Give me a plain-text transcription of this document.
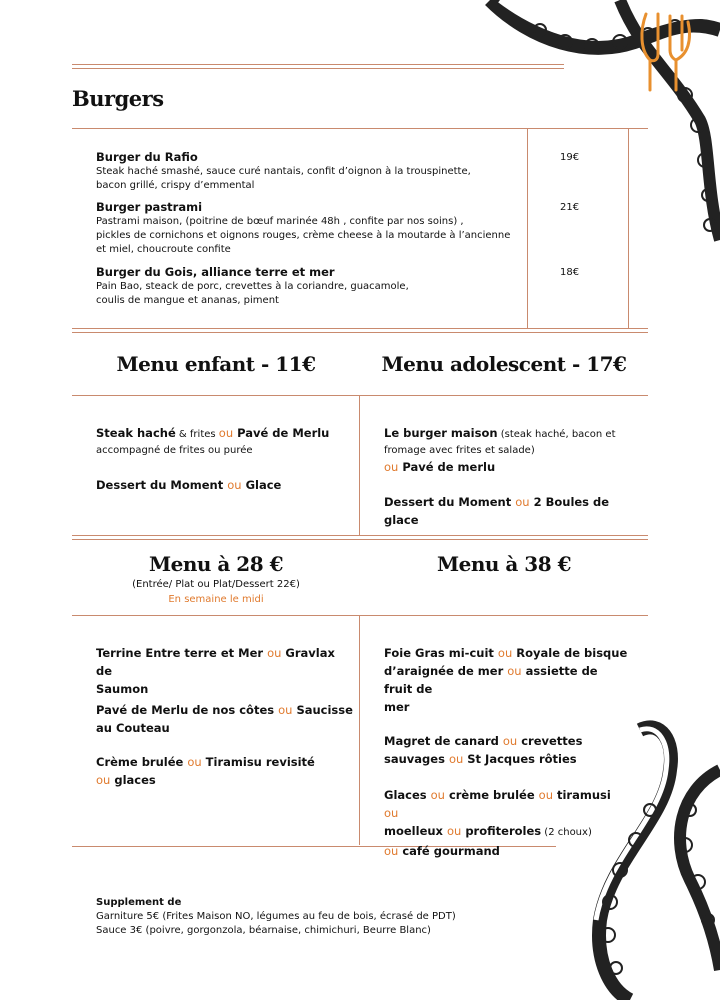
Burgers
Burger du Rafio
Steak haché smashé, sauce curé nantais, confit d’oignon à la trouspinette,
bacon grillé, crispy d’emmental
19€
Burger pastrami
Pastrami maison, (poitrine de bœuf marinée 48h , confite par nos soins) ,
pickles de cornichons et oignons rouges, crème cheese à la moutarde à l’ancienne
et miel, choucroute confite
21€
Burger du Gois, alliance terre et mer
Pain Bao, steack de porc, crevettes à la coriandre, guacamole,
coulis de mangue et ananas, piment
18€
Menu enfant - 11€	Menu adolescent - 17€
Steak haché & frites ou Pavé de Merlu
accompagné de frites ou purée
Dessert du Moment ou Glace
Le burger maison (steak haché, bacon et
fromage avec frites et salade)
ou Pavé de merlu
Dessert du Moment ou 2 Boules de glace
Menu à 28 €
(Entrée/ Plat ou Plat/Dessert 22€)
En semaine le midi
Menu à 38 €
Terrine Entre terre et Mer ou Gravlax de
Saumon
Pavé de Merlu de nos côtes ou Saucisse
au Couteau
Crème brulée ou Tiramisu revisité
ou glaces
Foie Gras mi-cuit ou Royale de bisque
d’araignée de mer ou assiette de fruit de
mer
Magret de canard ou crevettes
sauvages ou St Jacques rôties
Glaces ou crème brulée ou tiramusi ou
moelleux ou profiteroles (2 choux)
ou café gourmand
Supplement de
Garniture 5€ (Frites Maison NO, légumes au feu de bois, écrasé de PDT)
Sauce 3€ (poivre, gorgonzola, béarnaise, chimichuri, Beurre Blanc)
